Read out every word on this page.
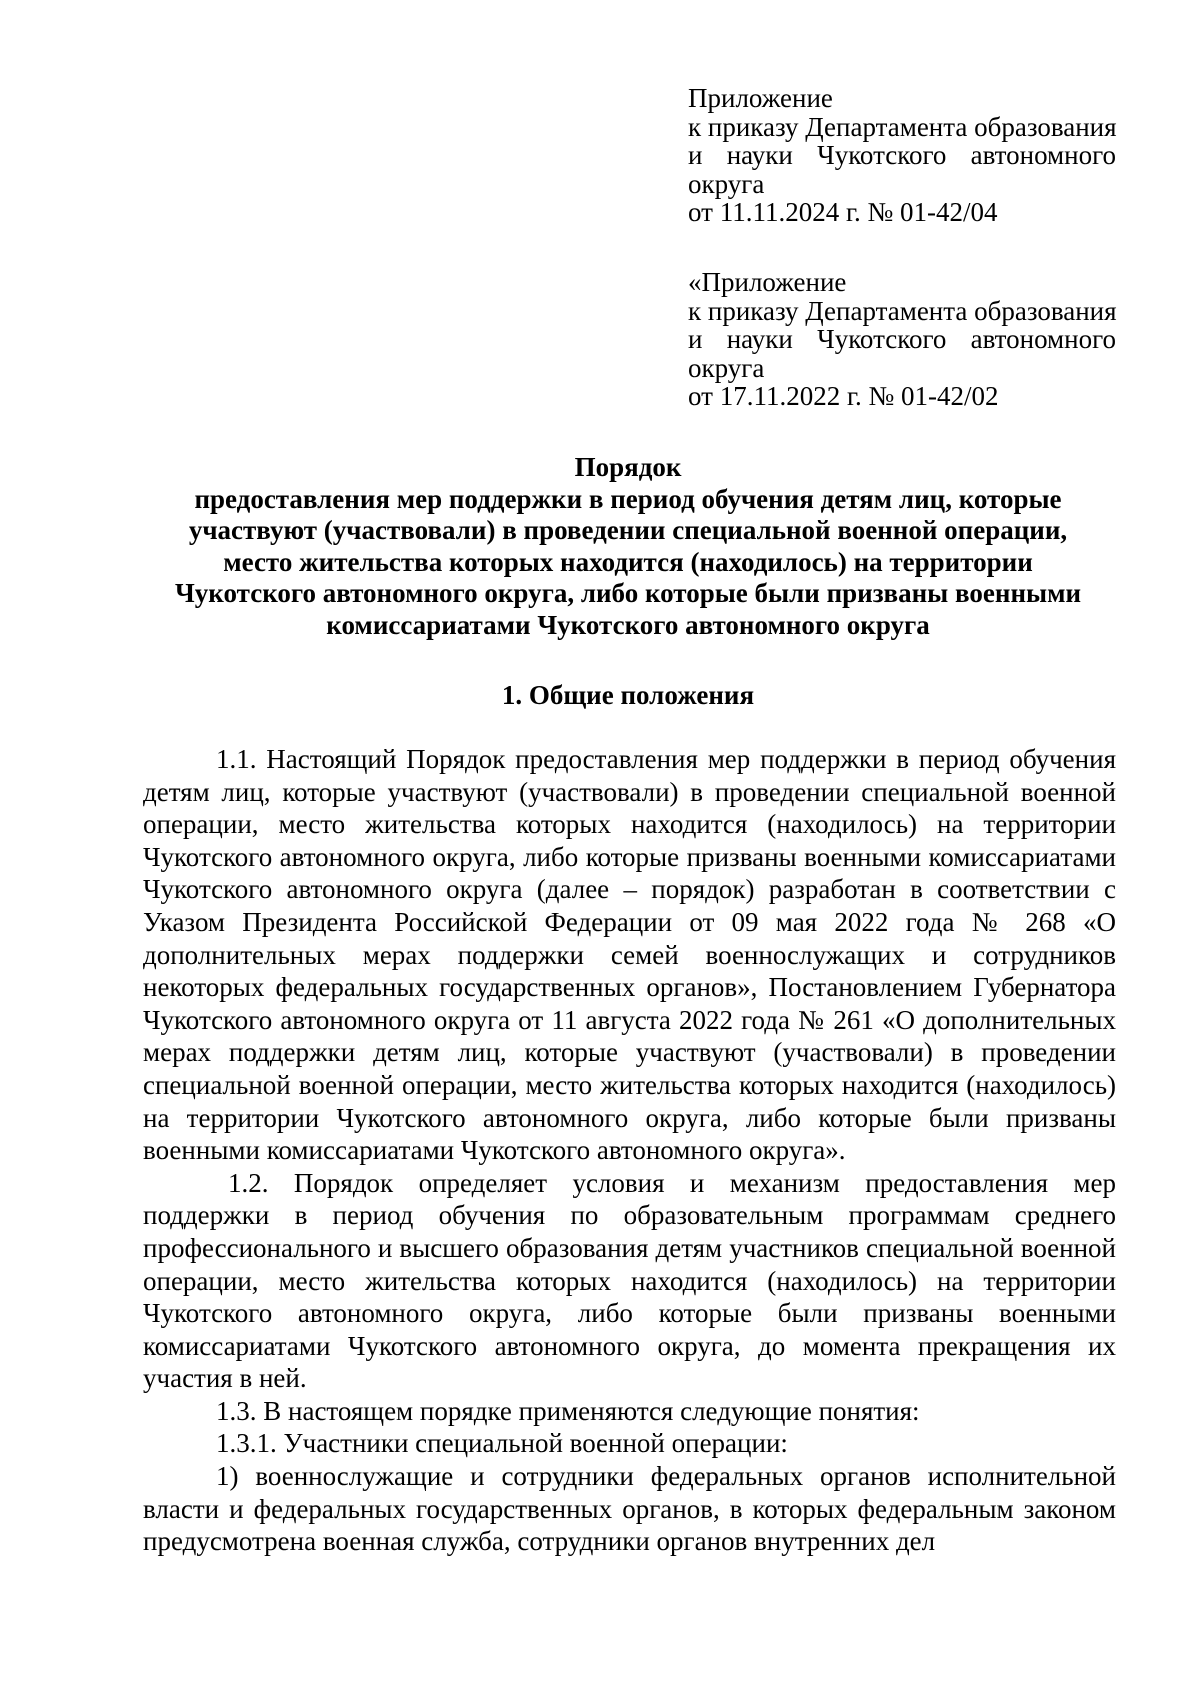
Приложение
к приказу Департамента образования
и науки Чукотского автономного
округа
от 11.11.2024 г. № 01-42/04
«Приложение
к приказу Департамента образования
и науки Чукотского автономного
округа
от 17.11.2022 г. № 01-42/02
Порядок
предоставления мер поддержки в период обучения детям лиц, которые
участвуют (участвовали) в проведении специальной военной операции,
место жительства которых находится (находилось) на территории
Чукотского автономного округа, либо которые были призваны военными
комиссариатами Чукотского автономного округа
1. Общие положения

1.1. Настоящий Порядок предоставления мер поддержки в период обучения детям лиц, которые участвуют (участвовали) в проведении специальной военной операции, место жительства которых находится (находилось) на территории Чукотского автономного округа, либо которые призваны военными комиссариатами Чукотского автономного округа (далее – порядок) разработан в соответствии с Указом Президента Российской Федерации от 09 мая 2022 года № 268 «О дополнительных мерах поддержки семей военнослужащих и сотрудников некоторых федеральных государственных органов», Постановлением Губернатора Чукотского автономного округа от 11 августа 2022 года № 261 «О дополнительных мерах поддержки детям лиц, которые участвуют (участвовали) в проведении специальной военной операции, место жительства которых находится (находилось) на территории Чукотского автономного округа, либо которые были призваны военными комиссариатами Чукотского автономного округа».

1.2. Порядок определяет условия и механизм предоставления мер поддержки в период обучения по образовательным программам среднего профессионального и высшего образования детям участников специальной военной операции, место жительства которых находится (находилось) на территории Чукотского автономного округа, либо которые были призваны военными комиссариатами Чукотского автономного округа, до момента прекращения их участия в ней.

1.3. В настоящем порядке применяются следующие понятия:

1.3.1. Участники специальной военной операции:

1) военнослужащие и сотрудники федеральных органов исполнительной власти и федеральных государственных органов, в которых федеральным законом предусмотрена военная служба, сотрудники органов внутренних дел
